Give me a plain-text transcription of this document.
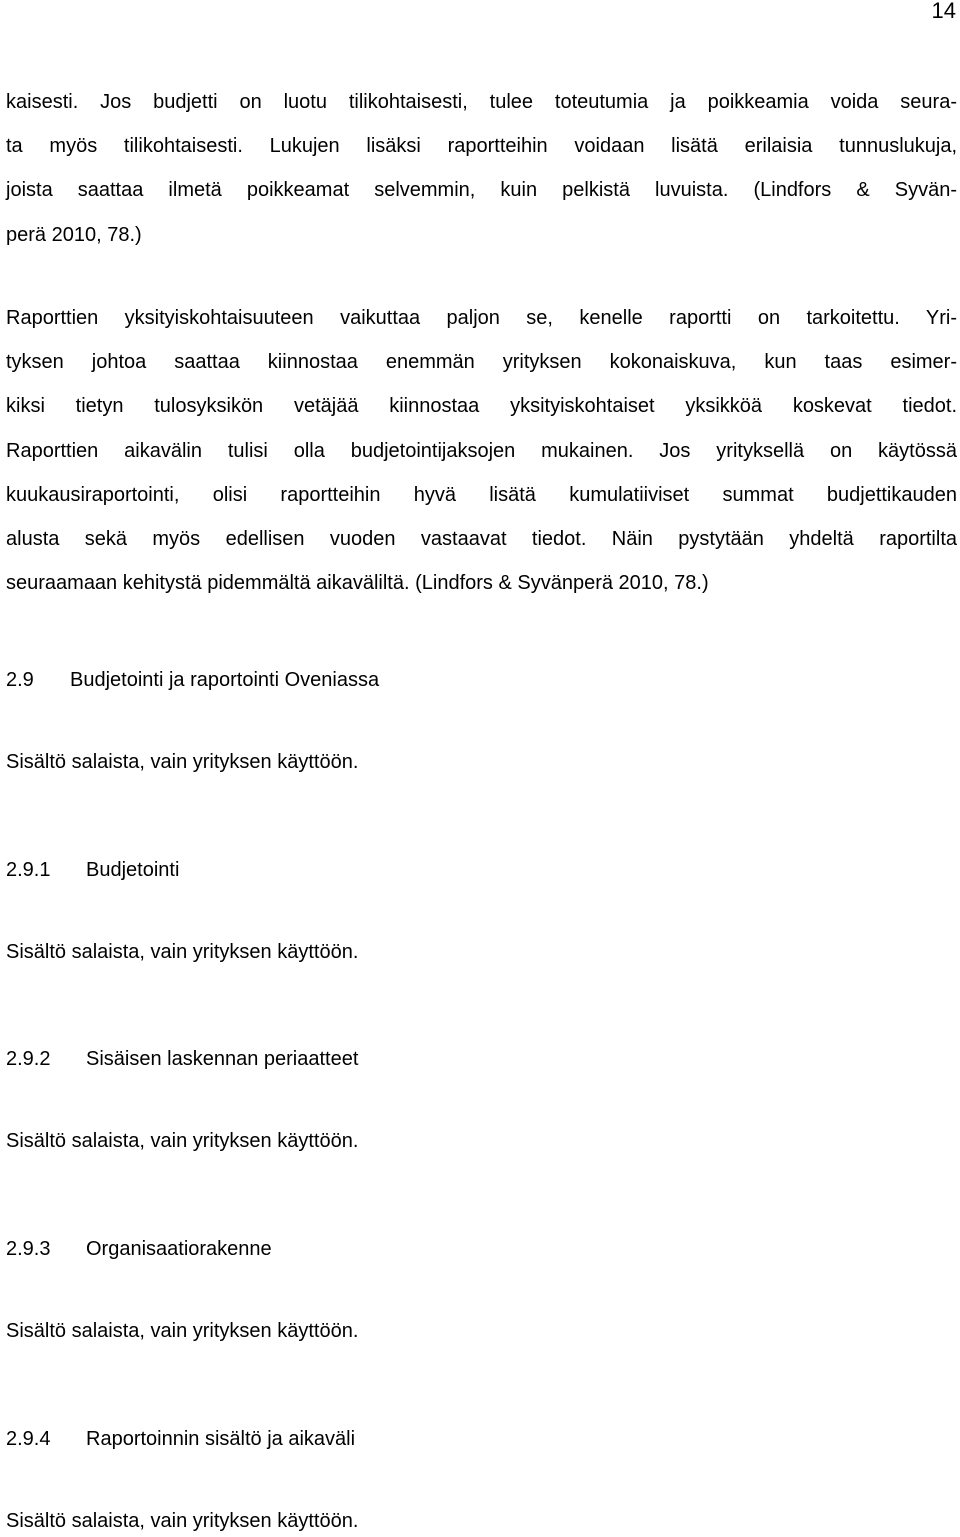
14
kaisesti. Jos budjetti on luotu tilikohtaisesti, tulee toteutumia ja poikkeamia voida seura-
ta myös tilikohtaisesti. Lukujen lisäksi raportteihin voidaan lisätä erilaisia tunnuslukuja,
joista saattaa ilmetä poikkeamat selvemmin, kuin pelkistä luvuista. (Lindfors & Syvän-
perä 2010, 78.)
Raporttien yksityiskohtaisuuteen vaikuttaa paljon se, kenelle raportti on tarkoitettu. Yri-
tyksen johtoa saattaa kiinnostaa enemmän yrityksen kokonaiskuva, kun taas esimer-
kiksi tietyn tulosyksikön vetäjää kiinnostaa yksityiskohtaiset yksikköä koskevat tiedot.
Raporttien aikavälin tulisi olla budjetointijaksojen mukainen. Jos yrityksellä on käytössä
kuukausiraportointi, olisi raportteihin hyvä lisätä kumulatiiviset summat budjettikauden
alusta sekä myös edellisen vuoden vastaavat tiedot. Näin pystytään yhdeltä raportilta
seuraamaan kehitystä pidemmältä aikaväliltä. (Lindfors & Syvänperä 2010, 78.)
2.9 Budjetointi ja raportointi Oveniassa
Sisältö salaista, vain yrityksen käyttöön.
2.9.1 Budjetointi
Sisältö salaista, vain yrityksen käyttöön.
2.9.2 Sisäisen laskennan periaatteet
Sisältö salaista, vain yrityksen käyttöön.
2.9.3 Organisaatiorakenne
Sisältö salaista, vain yrityksen käyttöön.
2.9.4 Raportoinnin sisältö ja aikaväli
Sisältö salaista, vain yrityksen käyttöön.
